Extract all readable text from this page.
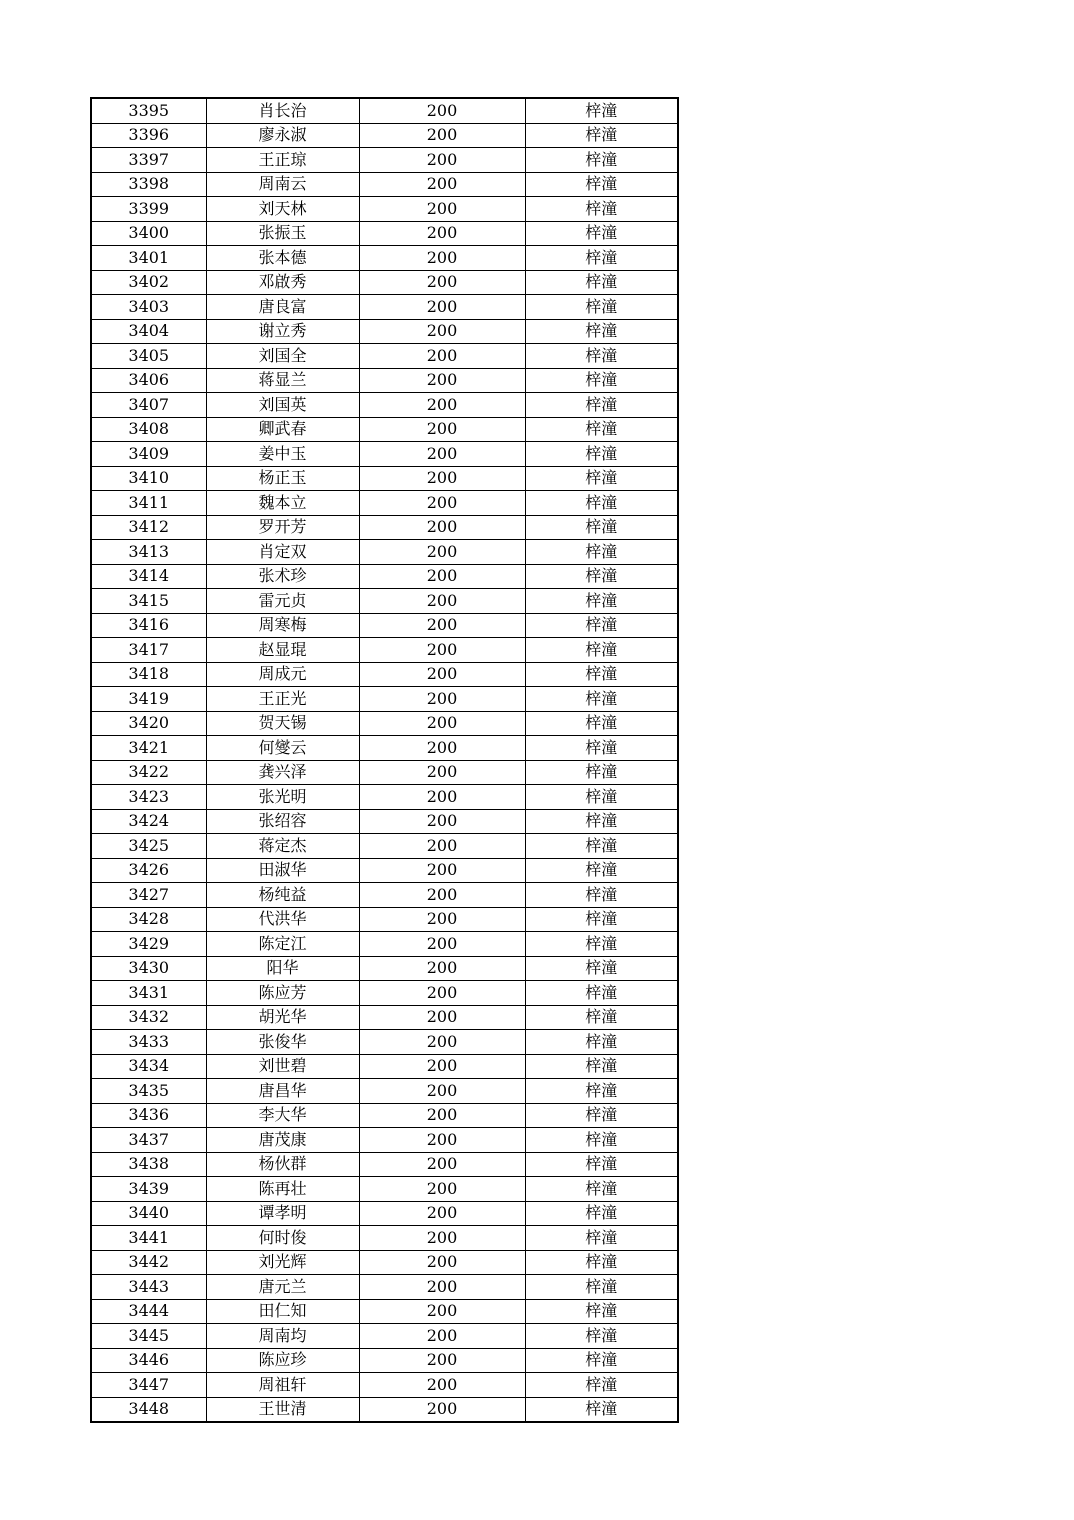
3395	肖长治	200	梓潼
3396	廖永淑	200	梓潼
3397	王正琼	200	梓潼
3398	周南云	200	梓潼
3399	刘天林	200	梓潼
3400	张振玉	200	梓潼
3401	张本德	200	梓潼
3402	邓啟秀	200	梓潼
3403	唐良富	200	梓潼
3404	谢立秀	200	梓潼
3405	刘国全	200	梓潼
3406	蒋显兰	200	梓潼
3407	刘国英	200	梓潼
3408	卿武春	200	梓潼
3409	姜中玉	200	梓潼
3410	杨正玉	200	梓潼
3411	魏本立	200	梓潼
3412	罗开芳	200	梓潼
3413	肖定双	200	梓潼
3414	张术珍	200	梓潼
3415	雷元贞	200	梓潼
3416	周寒梅	200	梓潼
3417	赵显琨	200	梓潼
3418	周成元	200	梓潼
3419	王正光	200	梓潼
3420	贺天锡	200	梓潼
3421	何燮云	200	梓潼
3422	龚兴泽	200	梓潼
3423	张光明	200	梓潼
3424	张绍容	200	梓潼
3425	蒋定杰	200	梓潼
3426	田淑华	200	梓潼
3427	杨纯益	200	梓潼
3428	代洪华	200	梓潼
3429	陈定江	200	梓潼
3430	阳华	200	梓潼
3431	陈应芳	200	梓潼
3432	胡光华	200	梓潼
3433	张俊华	200	梓潼
3434	刘世碧	200	梓潼
3435	唐昌华	200	梓潼
3436	李大华	200	梓潼
3437	唐茂康	200	梓潼
3438	杨伙群	200	梓潼
3439	陈再壮	200	梓潼
3440	谭孝明	200	梓潼
3441	何时俊	200	梓潼
3442	刘光辉	200	梓潼
3443	唐元兰	200	梓潼
3444	田仁知	200	梓潼
3445	周南均	200	梓潼
3446	陈应珍	200	梓潼
3447	周祖轩	200	梓潼
3448	王世清	200	梓潼
